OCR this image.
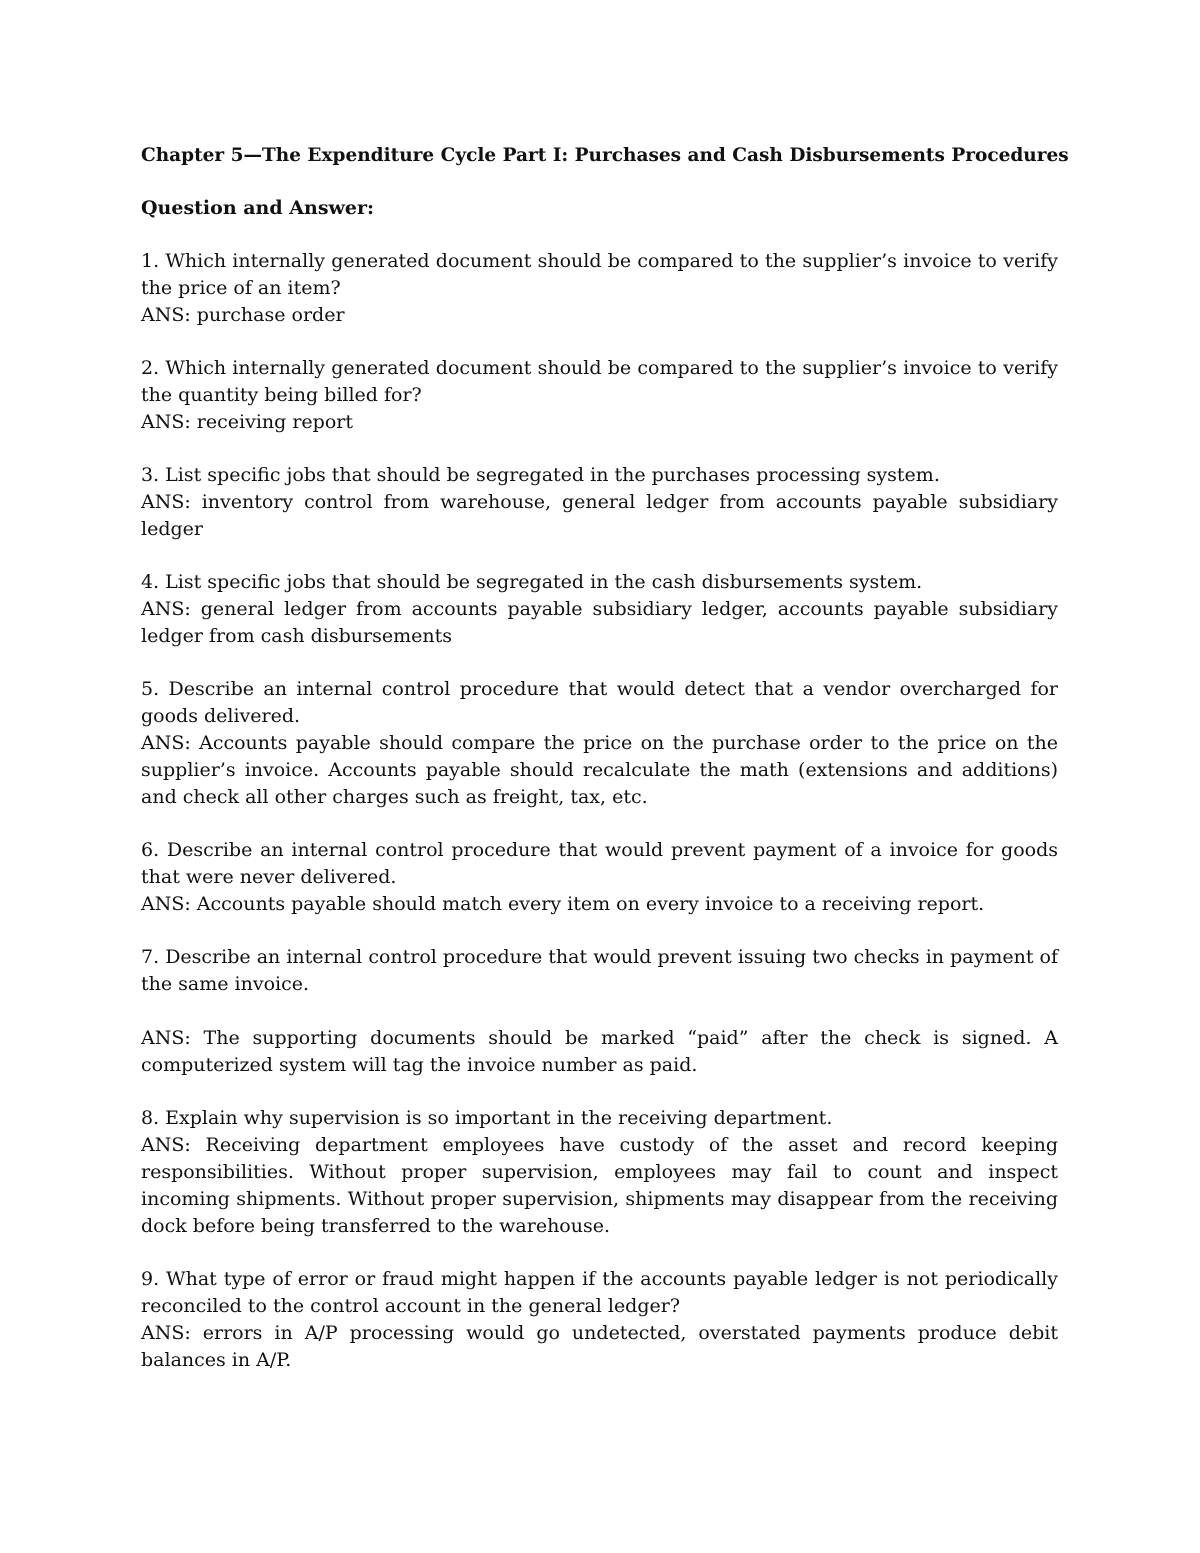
Chapter 5—The Expenditure Cycle Part I: Purchases and Cash Disbursements Procedures

Question and Answer:

1. Which internally generated document should be compared to the supplier’s invoice to verify the price of an item?

ANS: purchase order

2. Which internally generated document should be compared to the supplier’s invoice to verify the quantity being billed for?

ANS: receiving report

3. List specific jobs that should be segregated in the purchases processing system.

ANS: inventory control from warehouse, general ledger from accounts payable subsidiary ledger

4. List specific jobs that should be segregated in the cash disbursements system.

ANS: general ledger from accounts payable subsidiary ledger, accounts payable subsidiary ledger from cash disbursements

5. Describe an internal control procedure that would detect that a vendor overcharged for goods delivered.

ANS: Accounts payable should compare the price on the purchase order to the price on the supplier’s invoice. Accounts payable should recalculate the math (extensions and additions) and check all other charges such as freight, tax, etc.

6. Describe an internal control procedure that would prevent payment of a invoice for goods that were never delivered.

ANS: Accounts payable should match every item on every invoice to a receiving report.

7. Describe an internal control procedure that would prevent issuing two checks in payment of the same invoice.

ANS: The supporting documents should be marked “paid” after the check is signed. A computerized system will tag the invoice number as paid.

8. Explain why supervision is so important in the receiving department.

ANS: Receiving department employees have custody of the asset and record keeping responsibilities. Without proper supervision, employees may fail to count and inspect incoming shipments. Without proper supervision, shipments may disappear from the receiving dock before being transferred to the warehouse.

9. What type of error or fraud might happen if the accounts payable ledger is not periodically reconciled to the control account in the general ledger?

ANS: errors in A/P processing would go undetected, overstated payments produce debit balances in A/P.
